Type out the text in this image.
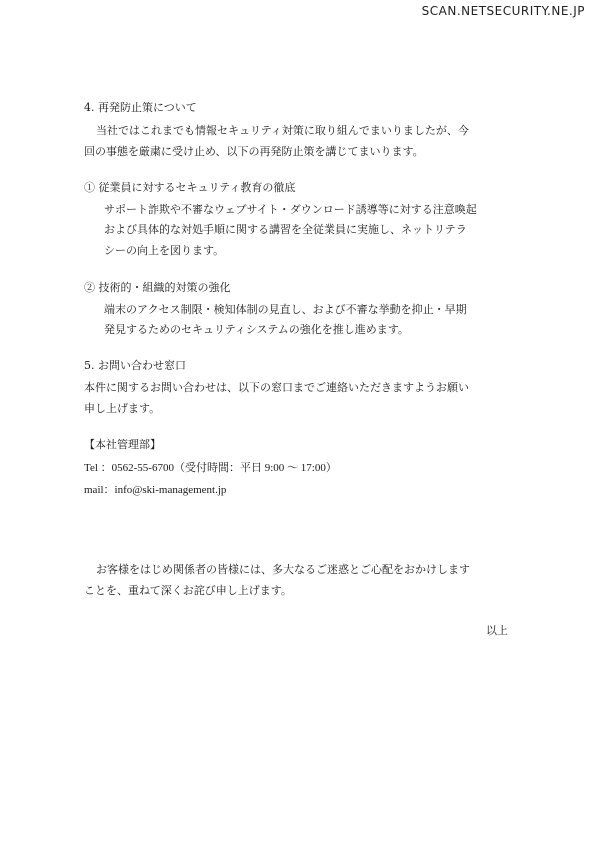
SCAN.NETSECURITY.NE.JP
4. 再発防止策について
当社ではこれまでも情報セキュリティ対策に取り組んでまいりましたが、今
回の事態を厳粛に受け止め、以下の再発防止策を講じてまいります。
① 従業員に対するセキュリティ教育の徹底
サポート詐欺や不審なウェブサイト・ダウンロード誘導等に対する注意喚起
および具体的な対処手順に関する講習を全従業員に実施し、ネットリテラ
シーの向上を図ります。
② 技術的・組織的対策の強化
端末のアクセス制限・検知体制の見直し、および不審な挙動を抑止・早期
発見するためのセキュリティシステムの強化を推し進めます。
5. お問い合わせ窓口
本件に関するお問い合わせは、以下の窓口までご連絡いただきますようお願い
申し上げます。
【本社管理部】
Tel ：0562-55-6700（受付時間：平日 9:00 ～ 17:00）
mail：info@ski-management.jp
お客様をはじめ関係者の皆様には、多大なるご迷惑とご心配をおかけします
ことを、重ねて深くお詫び申し上げます。
以上
